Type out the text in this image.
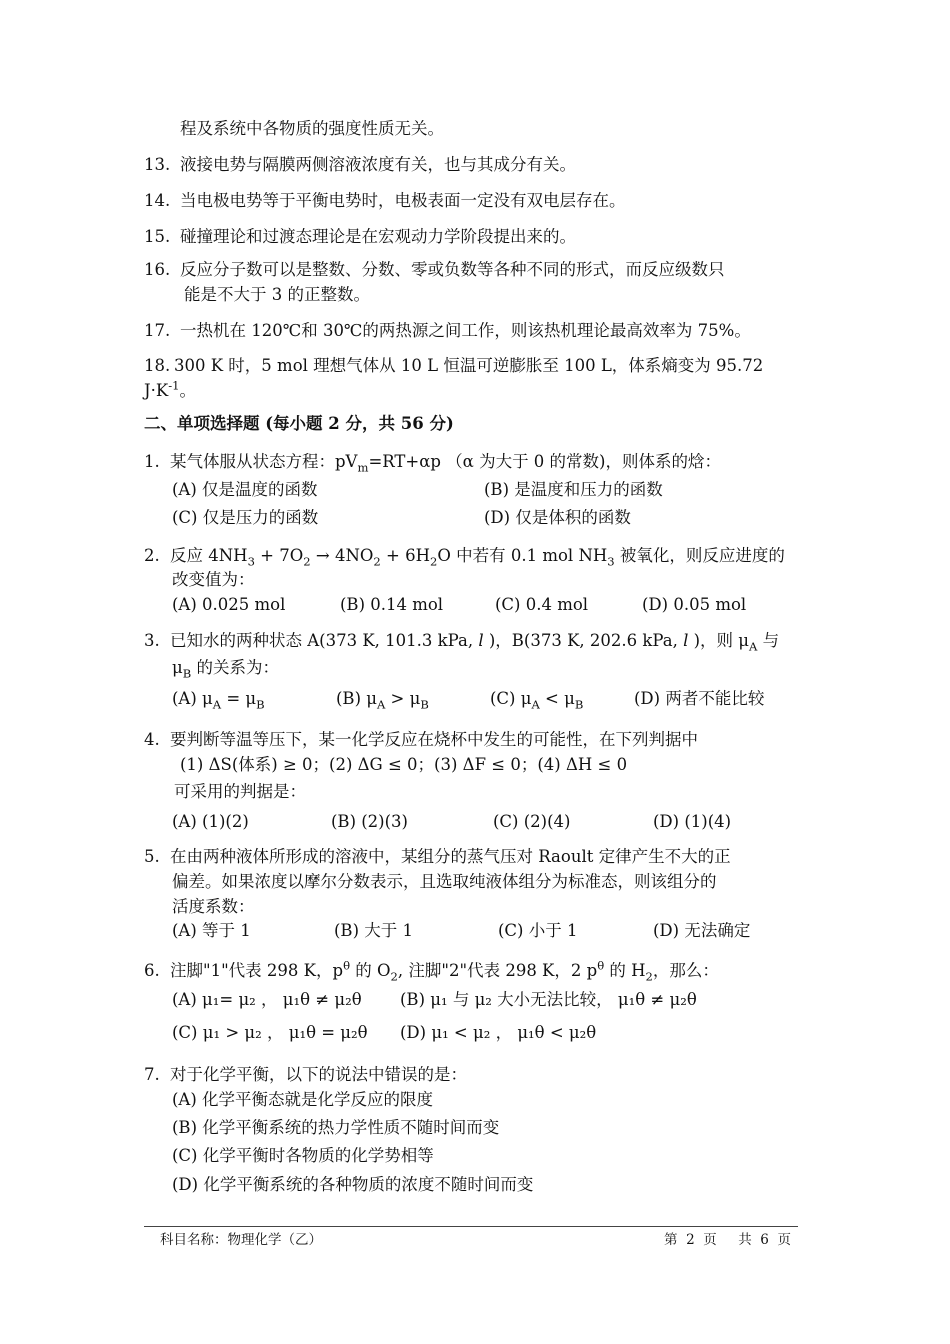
程及系统中各物质的强度性质无关。
13. 液接电势与隔膜两侧溶液浓度有关，也与其成分有关。
14. 当电极电势等于平衡电势时，电极表面一定没有双电层存在。
15. 碰撞理论和过渡态理论是在宏观动力学阶段提出来的。
16. 反应分子数可以是整数、分数、零或负数等各种不同的形式，而反应级数只
能是不大于 3 的正整数。
17. 一热机在 120℃和 30℃的两热源之间工作，则该热机理论最高效率为 75%。
18. 300 K 时，5 mol 理想气体从 10 L 恒温可逆膨胀至 100 L，体系熵变为 95.72
$J\cdot K^{-1}$。
二、单项选择题 (每小题 2 分，共 56 分)
1. 某气体服从状态方程：$pV_m=RT+\alpha p$ （α 为大于 0 的常数)，则体系的焓：
(A) 仅是温度的函数	(B) 是温度和压力的函数
(C) 仅是压力的函数	(D) 仅是体积的函数
2. 反应 $4NH_3 + 7O_2 \to 4NO_2 + 6H_2O$ 中若有 0.1 mol $NH_3$ 被氧化，则反应进度的
改变值为：
(A) 0.025 mol	(B) 0.14 mol	(C) 0.4 mol	(D) 0.05 mol
3. 已知水的两种状态 A(373 K, 101.3 kPa, l )，B(373 K, 202.6 kPa, l )，则 $\mu_A$ 与
$\mu_B$ 的关系为：
(A) $\mu_A = \mu_B$	(B) $\mu_A > \mu_B$	(C) $\mu_A < \mu_B$	(D) 两者不能比较
4. 要判断等温等压下，某一化学反应在烧杯中发生的可能性，在下列判据中
(1) ΔS(体系) ≥ 0；(2) ΔG ≤ 0；(3) ΔF ≤ 0；(4) ΔH ≤ 0
可采用的判据是：
(A) (1)(2)	(B) (2)(3)	(C) (2)(4)	(D) (1)(4)
5. 在由两种液体所形成的溶液中，某组分的蒸气压对 Raoult 定律产生不大的正
偏差。如果浓度以摩尔分数表示，且选取纯液体组分为标准态，则该组分的
活度系数：
(A) 等于 1	(B) 大于 1	(C) 小于 1	(D) 无法确定
6. 注脚"1"代表 298 K，$p^\theta$ 的 $O_2$, 注脚"2"代表 298 K，2 $p^\theta$ 的 $H_2$，那么：
(A) μ₁= μ₂ ， μ₁θ ≠ μ₂θ (B) μ₁ 与 μ₂ 大小无法比较， μ₁θ ≠ μ₂θ
(C) μ₁ > μ₂ ， μ₁θ = μ₂θ (D) μ₁ < μ₂ ， μ₁θ < μ₂θ
7. 对于化学平衡，以下的说法中错误的是：
(A) 化学平衡态就是化学反应的限度
(B) 化学平衡系统的热力学性质不随时间而变
(C) 化学平衡时各物质的化学势相等
(D) 化学平衡系统的各种物质的浓度不随时间而变
科目名称：物理化学（乙）	第  2  页     共  6  页
